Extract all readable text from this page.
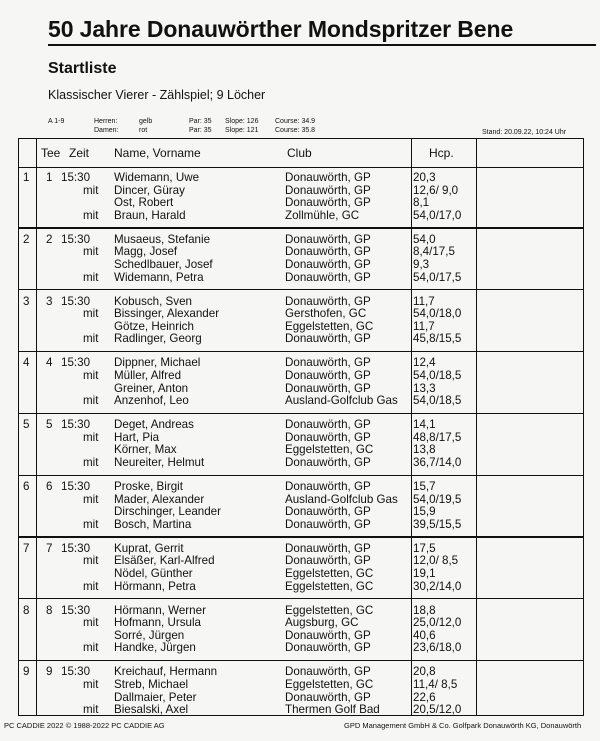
50 Jahre Donauwörther Mondspritzer Bene
Startliste
Klassischer Vierer - Zählspiel; 9 Löcher
A 1-9	Herren:	gelb	Par: 35 Slope: 126 Course: 34.9
Damen:	rot	Par: 35 Slope: 121 Course: 35.8	Stand: 20.09.22, 10:24 Uhr
Tee Zeit Name, Vorname	Club	Hcp.
1 1 15:30 Widemann, Uwe	Donauwörth, GP	20,3
mit Dincer, Güray	Donauwörth, GP	12,6/ 9,0
Ost, Robert	Donauwörth, GP	8,1
mit Braun, Harald	Zollmühle, GC	54,0/17,0
2 2 15:30 Musaeus, Stefanie	Donauwörth, GP	54,0
mit Magg, Josef	Donauwörth, GP	8,4/17,5
Schedlbauer, Josef	Donauwörth, GP	9,3
mit Widemann, Petra	Donauwörth, GP	54,0/17,5
3 3 15:30 Kobusch, Sven	Donauwörth, GP	11,7
mit Bissinger, Alexander	Gersthofen, GC	54,0/18,0
Götze, Heinrich	Eggelstetten, GC	11,7
mit Radlinger, Georg	Donauwörth, GP	45,8/15,5
4 4 15:30 Dippner, Michael	Donauwörth, GP	12,4
mit Müller, Alfred	Donauwörth, GP	54,0/18,5
Greiner, Anton	Donauwörth, GP	13,3
mit Anzenhof, Leo	Ausland-Golfclub Gas	54,0/18,5
5 5 15:30 Deget, Andreas	Donauwörth, GP	14,1
mit Hart, Pia	Donauwörth, GP	48,8/17,5
Körner, Max	Eggelstetten, GC	13,8
mit Neureiter, Helmut	Donauwörth, GP	36,7/14,0
6 6 15:30 Proske, Birgit	Donauwörth, GP	15,7
mit Mader, Alexander	Ausland-Golfclub Gas	54,0/19,5
Dirschinger, Leander	Donauwörth, GP	15,9
mit Bosch, Martina	Donauwörth, GP	39,5/15,5
7 7 15:30 Kuprat, Gerrit	Donauwörth, GP	17,5
mit Elsäßer, Karl-Alfred	Donauwörth, GP	12,0/ 8,5
Nödel, Günther	Eggelstetten, GC	19,1
mit Hörmann, Petra	Eggelstetten, GC	30,2/14,0
8 8 15:30 Hörmann, Werner	Eggelstetten, GC	18,8
mit Hofmann, Ursula	Augsburg, GC	25,0/12,0
Sorré, Jürgen	Donauwörth, GP	40,6
mit Handke, Jürgen	Donauwörth, GP	23,6/18,0
9 9 15:30 Kreichauf, Hermann	Donauwörth, GP	20,8
mit Streb, Michael	Eggelstetten, GC	11,4/ 8,5
Dallmaier, Peter	Donauwörth, GP	22,6
mit Biesalski, Axel	Thermen Golf Bad	20,5/12,0
PC CADDIE 2022 © 1988-2022 PC CADDIE AG	GPD Management GmbH & Co. Golfpark Donauwörth KG, Donauwörth
